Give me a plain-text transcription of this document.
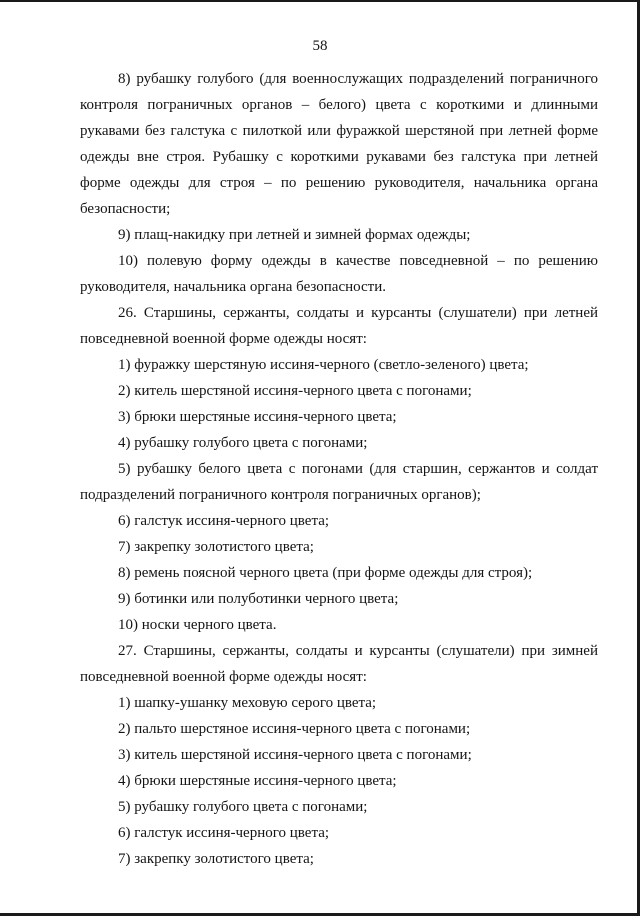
58

8) рубашку голубого (для военнослужащих подразделений пограничного контроля пограничных органов – белого) цвета с короткими и длинными рукавами без галстука с пилоткой или фуражкой шерстяной при летней форме одежды вне строя. Рубашку с короткими рукавами без галстука при летней форме одежды для строя – по решению руководителя, начальника органа безопасности;

9) плащ-накидку при летней и зимней формах одежды;

10) полевую форму одежды в качестве повседневной – по решению руководителя, начальника органа безопасности.

26. Старшины, сержанты, солдаты и курсанты (слушатели) при летней повседневной военной форме одежды носят:

1) фуражку шерстяную иссиня-черного (светло-зеленого) цвета;

2) китель шерстяной иссиня-черного цвета с погонами;

3) брюки шерстяные иссиня-черного цвета;

4) рубашку голубого цвета с погонами;

5) рубашку белого цвета с погонами (для старшин, сержантов и солдат подразделений пограничного контроля пограничных органов);

6) галстук иссиня-черного цвета;

7) закрепку золотистого цвета;

8) ремень поясной черного цвета (при форме одежды для строя);

9) ботинки или полуботинки черного цвета;

10) носки черного цвета.

27. Старшины, сержанты, солдаты и курсанты (слушатели) при зимней повседневной военной форме одежды носят:

1) шапку-ушанку меховую серого цвета;

2) пальто шерстяное иссиня-черного цвета с погонами;

3) китель шерстяной иссиня-черного цвета с погонами;

4) брюки шерстяные иссиня-черного цвета;

5) рубашку голубого цвета с погонами;

6) галстук иссиня-черного цвета;

7) закрепку золотистого цвета;
